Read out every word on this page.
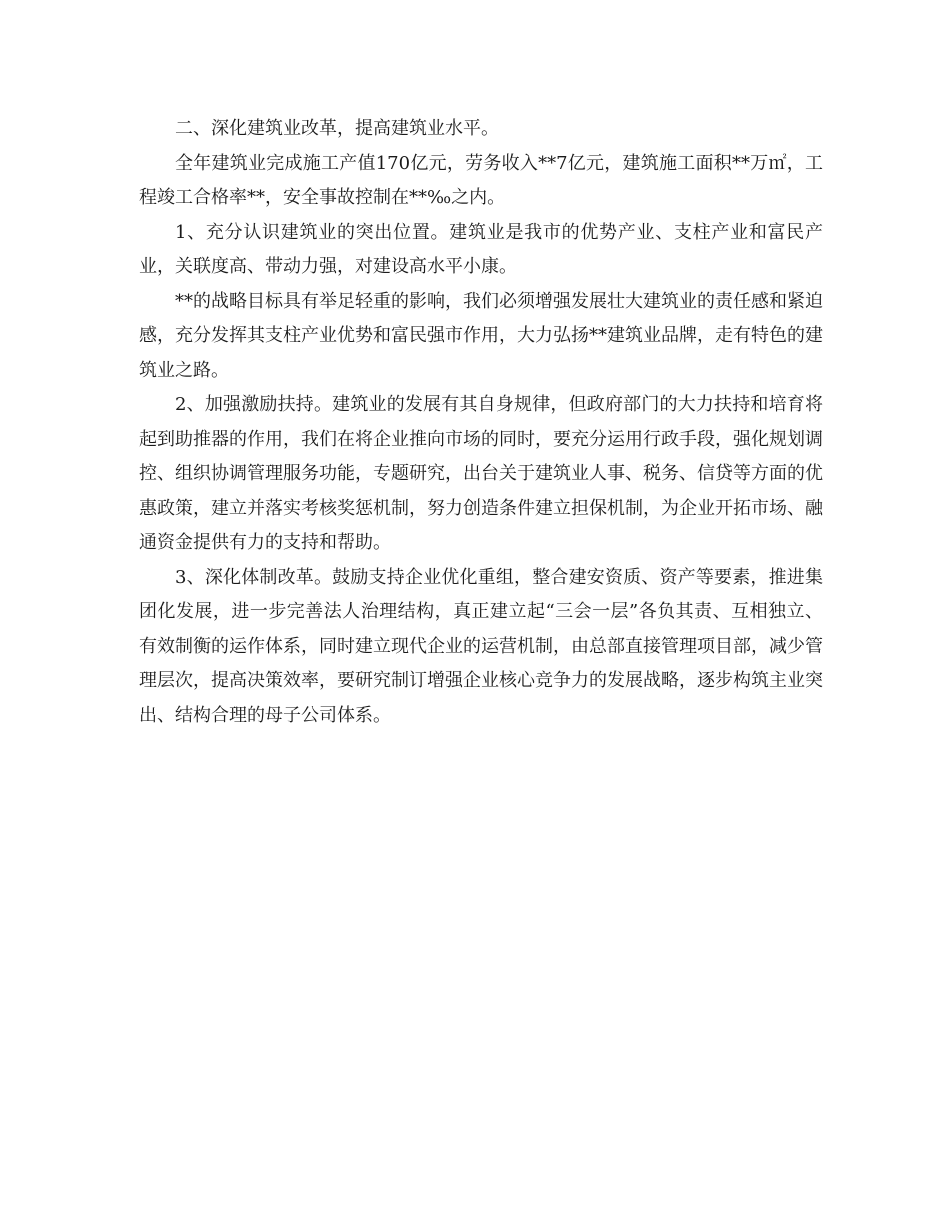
二、深化建筑业改革，提高建筑业水平。

全年建筑业完成施工产值170亿元，劳务收入**7亿元，建筑施工面积**万㎡，工程竣工合格率**，安全事故控制在**‰之内。

1、充分认识建筑业的突出位置。建筑业是我市的优势产业、支柱产业和富民产业，关联度高、带动力强，对建设高水平小康。

**的战略目标具有举足轻重的影响，我们必须增强发展壮大建筑业的责任感和紧迫感，充分发挥其支柱产业优势和富民强市作用，大力弘扬**建筑业品牌，走有特色的建筑业之路。

2、加强激励扶持。建筑业的发展有其自身规律，但政府部门的大力扶持和培育将起到助推器的作用，我们在将企业推向市场的同时，要充分运用行政手段，强化规划调控、组织协调管理服务功能，专题研究，出台关于建筑业人事、税务、信贷等方面的优惠政策，建立并落实考核奖惩机制，努力创造条件建立担保机制，为企业开拓市场、融通资金提供有力的支持和帮助。

3、深化体制改革。鼓励支持企业优化重组，整合建安资质、资产等要素，推进集团化发展，进一步完善法人治理结构，真正建立起“三会一层”各负其责、互相独立、有效制衡的运作体系，同时建立现代企业的运营机制，由总部直接管理项目部，减少管理层次，提高决策效率，要研究制订增强企业核心竞争力的发展战略，逐步构筑主业突出、结构合理的母子公司体系。
